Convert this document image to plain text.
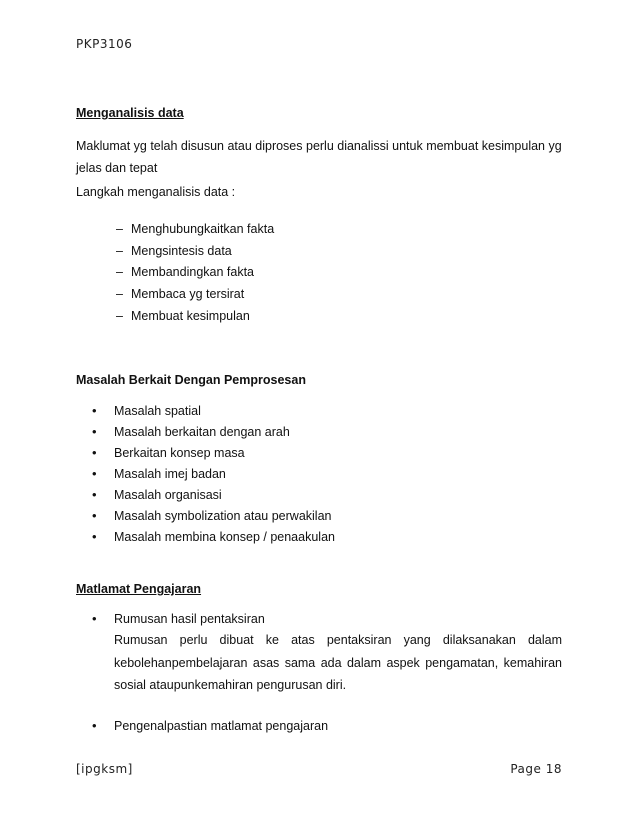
PKP3106
Menganalisis data
Maklumat yg telah disusun atau diproses perlu dianalissi untuk membuat kesimpulan yg jelas dan tepat
Langkah menganalisis data :
– Menghubungkaitkan fakta
– Mengsintesis data
– Membandingkan fakta
– Membaca yg tersirat
– Membuat kesimpulan
Masalah Berkait Dengan Pemprosesan
• Masalah spatial
• Masalah berkaitan dengan arah
• Berkaitan konsep masa
• Masalah imej badan
• Masalah organisasi
• Masalah symbolization atau perwakilan
• Masalah membina konsep / penaakulan
Matlamat Pengajaran
• Rumusan hasil pentaksiran
Rumusan perlu dibuat ke atas pentaksiran yang dilaksanakan dalam kebolehanpembelajaran asas sama ada dalam aspek pengamatan, kemahiran sosial ataupunkemahiran pengurusan diri.
• Pengenalpastian matlamat pengajaran
[ipgksm]	Page 18
